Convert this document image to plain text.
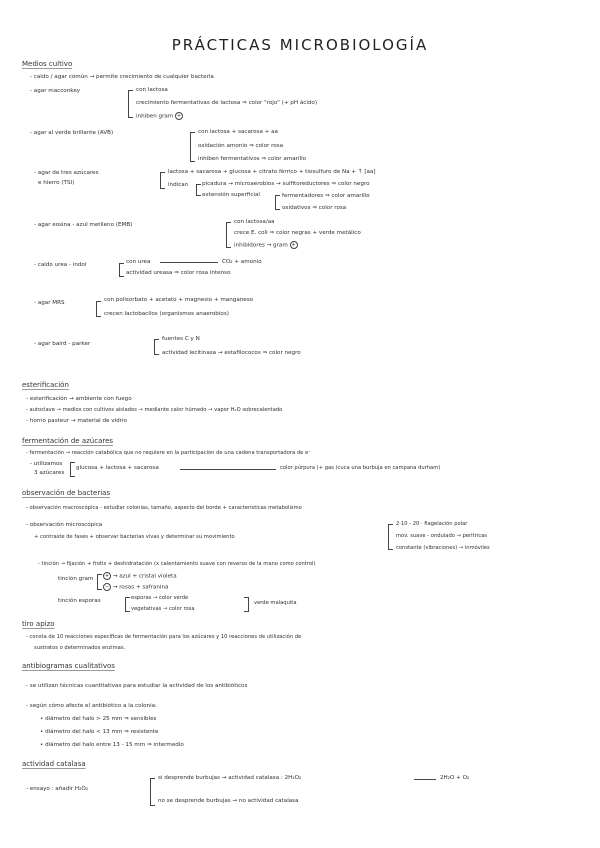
PRÁCTICAS MICROBIOLOGÍA
Medios cultivo
- caldo / agar común → permite crecimiento de cualquier bacteria
- agar macconkey	con lactosa
crecimiento fermentativas de lactosa ⇒ color "rojo" (+ pH ácido)
inhiben gram +
- agar al verde brillante (AVB)	con lactosa + sacarosa + aa
oxidación amonio ⇒ color rosa
inhiben fermentativos ⇒ color amarillo
- agar de tres azúcares
e hierro (TSI)
lactosa + sacarosa + glucosa + citrato férrico + tiosulfuro de Na + ↑ [aa]
indican picadura → microaerobios → sulfitoreductores ⇒ color negro
extensión superficial	fermentadores ⇒ color amarillo
oxidativos ⇒ color rosa
- agar eosina - azul metileno (EMB)	con lactosa/aa
crece E. coli ⇒ color negras + verde metálico
inhibidores → gram +
- caldo urea - indol	con urea	CO₂ + amonio
actividad ureasa ⇒ color rosa intenso
- agar MRS	con polisorbato + acetato + magnesio + manganeso
crecen lactobacilos (organismos anaerobios)
- agar baird - parker
fuentes C y N
actividad lecitinasa → estafilococos ⇒ color negro
esterificación
- esterificación → ambiente con fuego
- autoclave → medios con cultivos aislados → mediante calor húmedo → vapor H₂O sobrecalentado
- horno pasteur → material de vidrio
fermentación de azúcares
- fermentación → reacción catabólica que no requiere en la participación de una cadena transportadora de e⁻
- utilizamos
3 azúcares
glucosa + lactosa + sacarosa	color púrpura (+ gas (cuca una burbuja en campana durham)
observación de bacterias
- observación macroscópica - estudiar colonias, tamaño, aspecto del borde + características metabolismo
- observación microscópica
+ contraste de fases + observar bacterias vivas y determinar su movimiento
2·10 - 20 · flagelación polar
mov. suave - ondulado → peritricas
constante (vibraciones) → inmóviles
- tinción → fijación + frotis + deshidratación (x calentamiento suave con reverso de la mano como control)
tinción gram	+ → azul + cristal violeta
− → rosas + safranina
tinción esporas	esporas → color verde
vegetativas → color rosa
verde malaquita
tiro apizo
- consta de 10 reacciones específicas de fermentación para los azúcares y 10 reacciones de utilización de
sustratos o determinados enzimas.
antibiogramas cualitativos
- se utilizan técnicas cuantitativas para estudiar la actividad de los antibióticos
- según cómo afecte el antibiótico a la colonia:
• diámetro del halo > 25 mm ⇒ sensibles
• diámetro del halo < 13 mm ⇒ resistente
• diámetro del halo entre 13 - 15 mm ⇒ intermedio
actividad catalasa
- ensayo : añadir H₂O₂
si desprende burbujas → actividad catalasa : 2H₂O₂	2H₂O + O₂
no se desprende burbujas → no actividad catalasa
